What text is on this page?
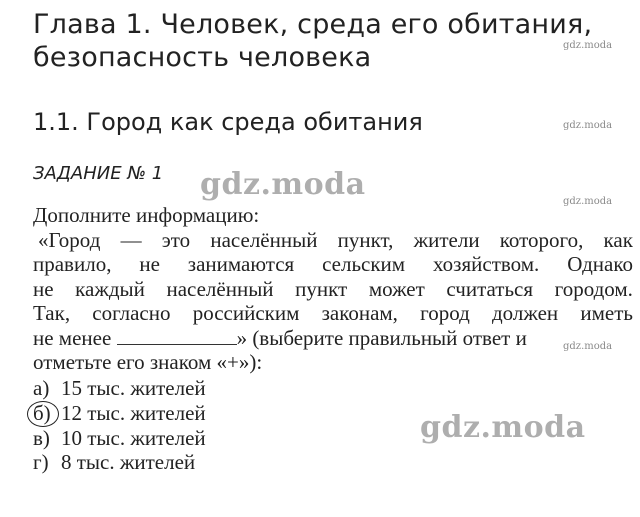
Глава 1. Человек, среда его обитания,
безопасность человека
1.1. Город как среда обитания
ЗАДАНИЕ № 1
Дополните информацию:
«Город — это населённый пункт, жители которого, как
правило, не занимаются сельским хозяйством. Однако
не каждый населённый пункт может считаться городом.
Так, согласно российским законам, город должен иметь
не менее	» (выберите правильный ответ и
отметьте его знаком «+»):
а) 15 тыс. жителей
б) 12 тыс. жителей
в) 10 тыс. жителей
г) 8 тыс. жителей
gdz.moda
gdz.moda
gdz.moda
gdz.moda
gdz.moda
gdz.moda
